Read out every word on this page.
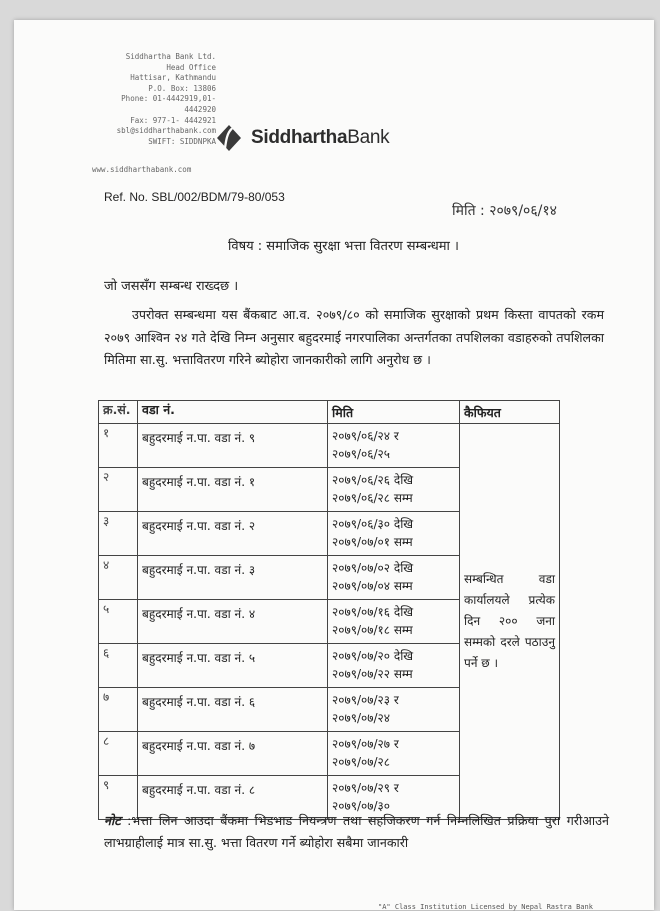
Siddhartha Bank Ltd.
Head Office
Hattisar, Kathmandu
P.O. Box: 13806
Phone: 01-4442919,01-
4442920
Fax: 977-1- 4442921
sbl@siddharthabank.com
SWIFT: SIDDNPKA
www.siddharthabank.com
SiddharthaBank
Ref. No. SBL/002/BDM/79-80/053
मिति : २०७९/०६/१४
विषय : समाजिक सुरक्षा भत्ता वितरण सम्बन्धमा ।
जो जससँग सम्बन्ध राख्दछ ।
उपरोक्त सम्बन्धमा यस बैंकबाट आ.व. २०७९/८० को समाजिक सुरक्षाको प्रथम किस्ता वापतको रकम २०७९ आश्विन २४ गते देखि निम्न अनुसार बहुदरमाई नगरपालिका अन्तर्गतका तपशिलका वडाहरुको तपशिलका मितिमा सा.सु. भत्तावितरण गरिने ब्योहोरा जानकारीको लागि अनुरोध छ ।
क्र.सं.	वडा नं.	मिति	कैफियत
१	बहुदरमाई न.पा. वडा नं. ९	२०७९/०६/२४ र
२०७९/०६/२५	सम्बन्धित वडा कार्यालयले प्रत्येक दिन २०० जना सम्मको दरले पठाउनु पर्ने छ ।

२	बहुदरमाई न.पा. वडा नं. १	२०७९/०६/२६ देखि
२०७९/०६/२८ सम्म	

३	बहुदरमाई न.पा. वडा नं. २	२०७९/०६/३० देखि
२०७९/०७/०१ सम्म	

४	बहुदरमाई न.पा. वडा नं. ३	२०७९/०७/०२ देखि
२०७९/०७/०४ सम्म	

५	बहुदरमाई न.पा. वडा नं. ४	२०७९/०७/१६ देखि
२०७९/०७/१८ सम्म	

६	बहुदरमाई न.पा. वडा नं. ५	२०७९/०७/२० देखि
२०७९/०७/२२ सम्म	

७	बहुदरमाई न.पा. वडा नं. ६	२०७९/०७/२३ र
२०७९/०७/२४	

८	बहुदरमाई न.पा. वडा नं. ७	२०७९/०७/२७ र
२०७९/०७/२८	

९	बहुदरमाई न.पा. वडा नं. ८	२०७९/०७/२९ र
२०७९/०७/३०	
नोट :भत्ता लिन आउदा बैंकमा भिडभाड नियन्त्रण तथा सहजिकरण गर्न निम्नलिखित प्रक्रिया पुरा गरीआउने लाभग्राहीलाई मात्र सा.सु. भत्ता वितरण गर्ने ब्योहोरा सबैमा जानकारी
"A" Class Institution Licensed by Nepal Rastra Bank
